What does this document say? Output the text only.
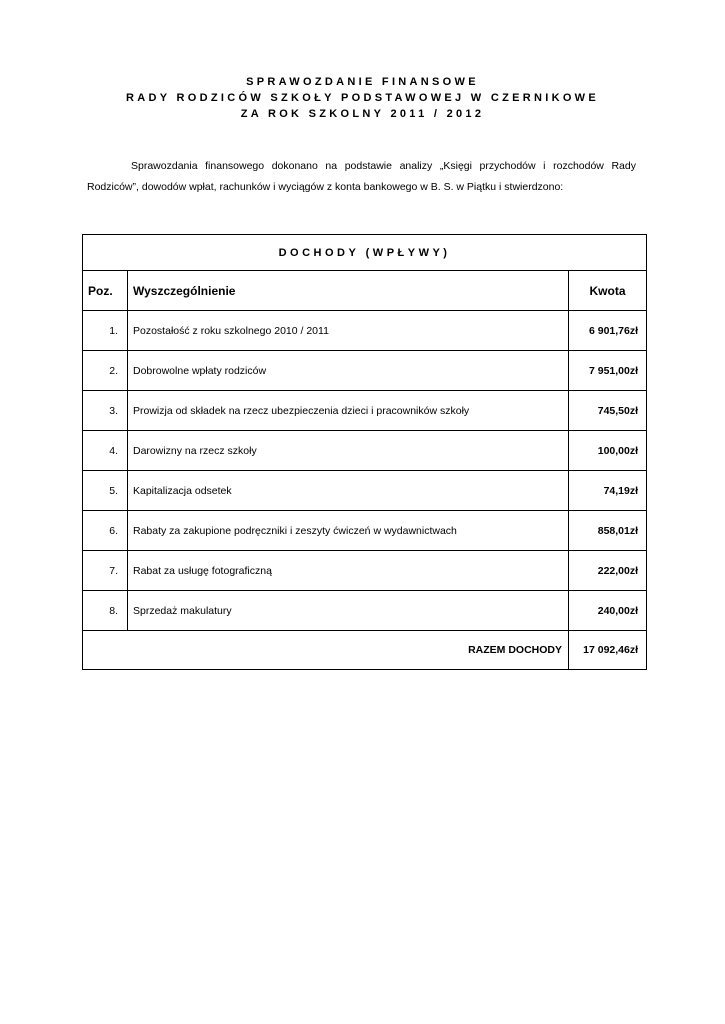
SPRAWOZDANIE FINANSOWE
RADY RODZICÓW SZKOŁY PODSTAWOWEJ W CZERNIKOWE
ZA ROK SZKOLNY 2011 / 2012

Sprawozdania finansowego dokonano na podstawie analizy „Księgi przychodów i rozchodów Rady Rodziców”, dowodów wpłat, rachunków i wyciągów z konta bankowego w B. S. w Piątku i stwierdzono:

DOCHODY (WPŁYWY)		
Poz.	Wyszczególnienie	Kwota
1.	Pozostałość z roku szkolnego 2010 / 2011	6 901,76zł
2.	Dobrowolne wpłaty rodziców	7 951,00zł
3.	Prowizja od składek na rzecz ubezpieczenia dzieci i pracowników szkoły	745,50zł
4.	Darowizny na rzecz szkoły	100,00zł
5.	Kapitalizacja odsetek	74,19zł
6.	Rabaty za zakupione podręczniki i zeszyty ćwiczeń w wydawnictwach	858,01zł
7.	Rabat za usługę fotograficzną	222,00zł
8.	Sprzedaż makulatury	240,00zł
RAZEM DOCHODY		17 092,46zł
